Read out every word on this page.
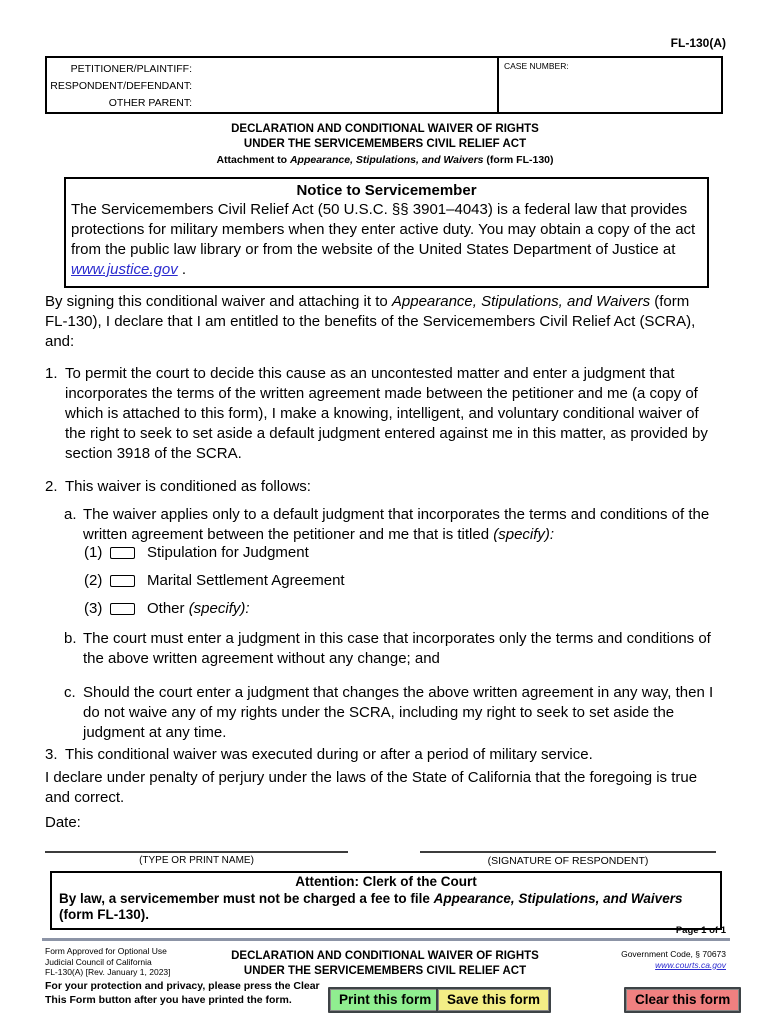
FL-130(A)
PETITIONER/PLAINTIFF:
RESPONDENT/DEFENDANT:
OTHER PARENT:
CASE NUMBER:
DECLARATION AND CONDITIONAL WAIVER OF RIGHTS
UNDER THE SERVICEMEMBERS CIVIL RELIEF ACT
Attachment to Appearance, Stipulations, and Waivers (form FL-130)
Notice to Servicemember
The Servicemembers Civil Relief Act (50 U.S.C. §§ 3901–4043) is a federal law that provides protections for military members when they enter active duty. You may obtain a copy of the act from the public law library or from the website of the United States Department of Justice at www.justice.gov .
By signing this conditional waiver and attaching it to Appearance, Stipulations, and Waivers (form FL-130), I declare that I am entitled to the benefits of the Servicemembers Civil Relief Act (SCRA), and:
1. To permit the court to decide this cause as an uncontested matter and enter a judgment that incorporates the terms of the written agreement made between the petitioner and me (a copy of which is attached to this form), I make a knowing, intelligent, and voluntary conditional waiver of the right to seek to set aside a default judgment entered against me in this matter, as provided by section 3918 of the SCRA.
2. This waiver is conditioned as follows:
a. The waiver applies only to a default judgment that incorporates the terms and conditions of the written agreement between the petitioner and me that is titled (specify):
(1)	Stipulation for Judgment
(2)	Marital Settlement Agreement
(3)	Other (specify):
b. The court must enter a judgment in this case that incorporates only the terms and conditions of the above written agreement without any change; and
c. Should the court enter a judgment that changes the above written agreement in any way, then I do not waive any of my rights under the SCRA, including my right to seek to set aside the judgment at any time.
3. This conditional waiver was executed during or after a period of military service.
I declare under penalty of perjury under the laws of the State of California that the foregoing is true and correct.
Date:
(TYPE OR PRINT NAME)	(SIGNATURE OF RESPONDENT)
Attention: Clerk of the Court
By law, a servicemember must not be charged a fee to file Appearance, Stipulations, and Waivers (form FL-130).
Page 1 of 1
Form Approved for Optional Use
Judicial Council of California
FL-130(A) [Rev. January 1, 2023]
DECLARATION AND CONDITIONAL WAIVER OF RIGHTS
UNDER THE SERVICEMEMBERS CIVIL RELIEF ACT
Government Code, § 70673
www.courts.ca.gov
For your protection and privacy, please press the Clear This Form button after you have printed the form.	Print this form	Save this form	Clear this form
